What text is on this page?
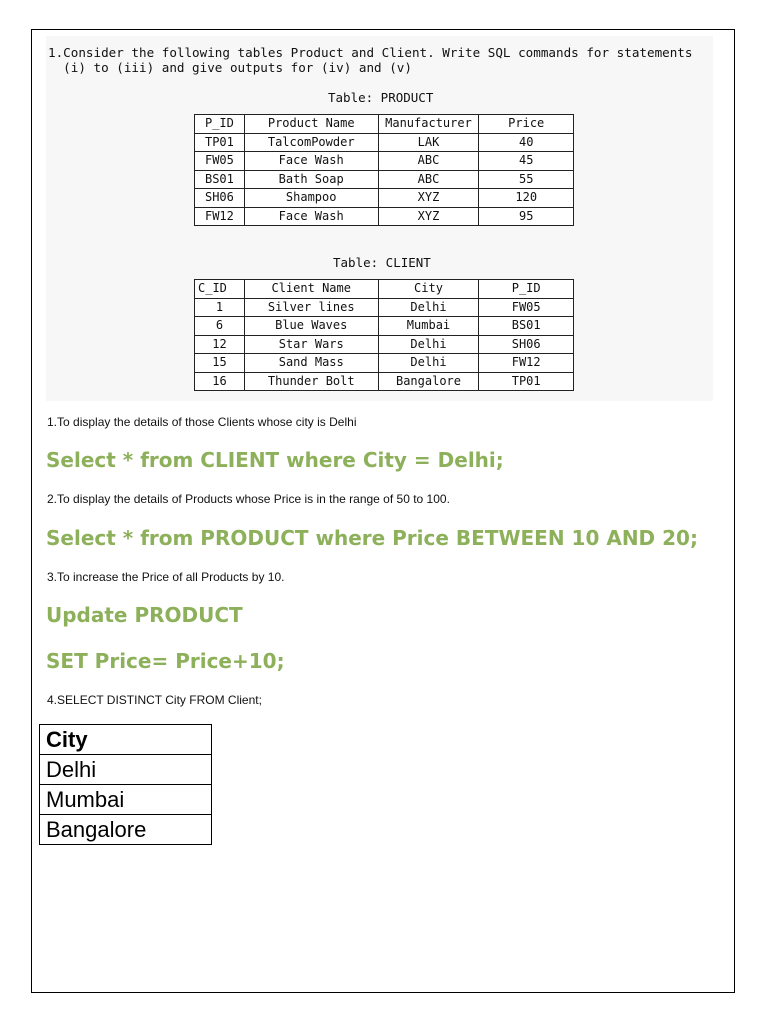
1.Consider the following tables Product and Client. Write SQL commands for statements
(i) to (iii) and give outputs for (iv) and (v)
Table: PRODUCT
P_ID	Product Name	Manufacturer	Price
TP01	TalcomPowder	LAK	40
FW05	Face Wash	ABC	45
BS01	Bath Soap	ABC	55
SH06	Shampoo	XYZ	120
FW12	Face Wash	XYZ	95
Table: CLIENT
C_ID	Client Name	City	P_ID
1	Silver lines	Delhi	FW05
6	Blue Waves	Mumbai	BS01
12	Star Wars	Delhi	SH06
15	Sand Mass	Delhi	FW12
16	Thunder Bolt	Bangalore	TP01
1.To display the details of those Clients whose city is Delhi
Select * from CLIENT where City = Delhi;
2.To display the details of Products whose Price is in the range of 50 to 100.
Select * from PRODUCT where Price BETWEEN 10 AND 20;
3.To increase the Price of all Products by 10.
Update PRODUCT
SET Price= Price+10;
4.SELECT DISTINCT City FROM Client;
City
Delhi
Mumbai
Bangalore
